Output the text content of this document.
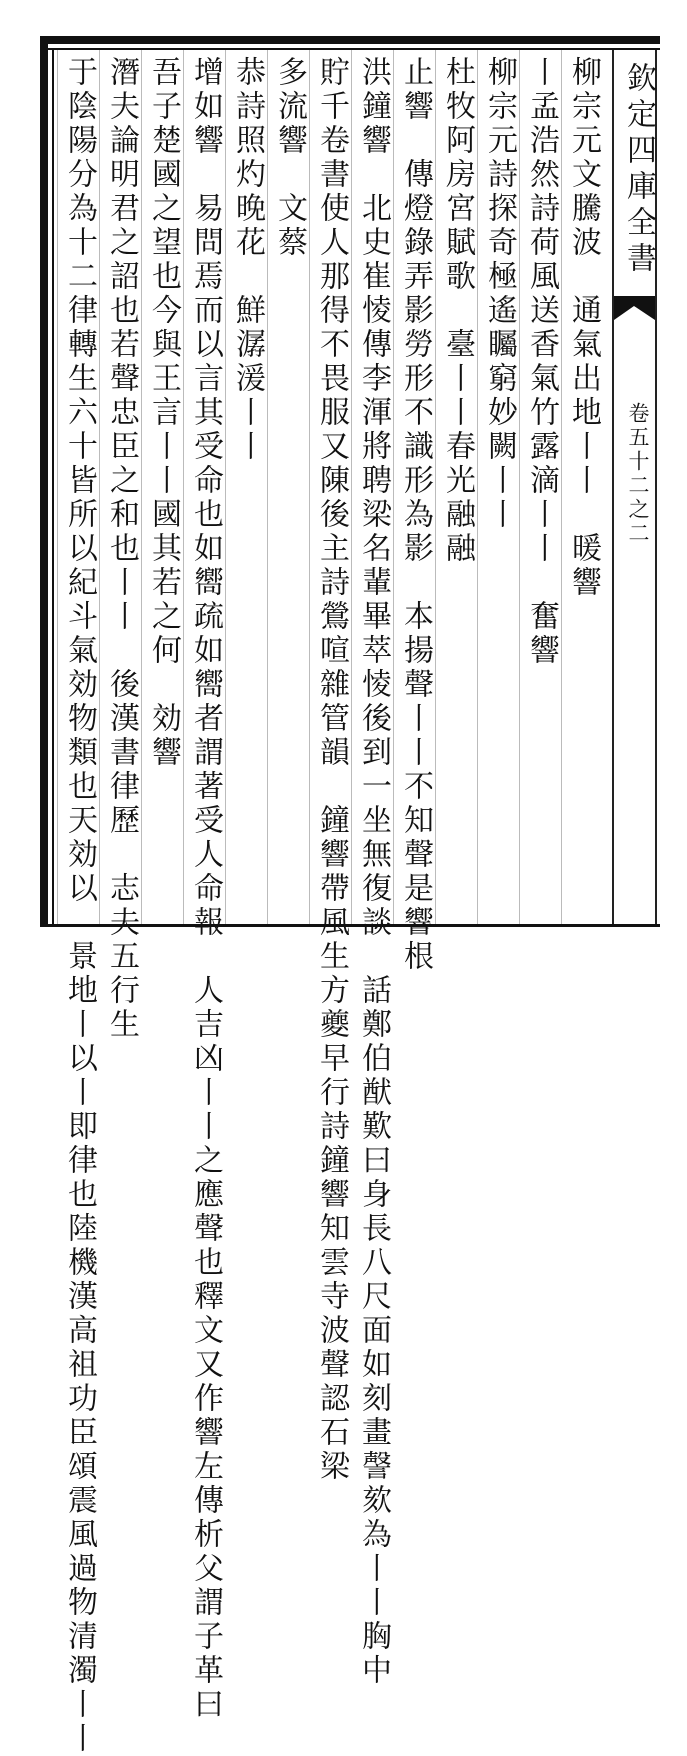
欽定四庫全書
卷五十二之二
柳宗元文騰波　通氣出地丨丨　暖響
丨孟浩然詩荷風送香氣竹露滴丨丨　奮響
柳宗元詩探奇極遙矚窮妙闕丨丨
杜牧阿房宮賦歌　臺丨丨春光融融
止響　傳燈錄弄影勞形不識形為影　本揚聲丨丨不知聲是響根
洪鐘響　北史崔㥄傳李渾將聘梁名輩畢萃㥄後到一坐無復談　話鄭伯猷歎曰身長八尺面如刻畫謦欬為丨丨胸中
貯千卷書使人那得不畏服又陳後主詩鶯喧雜管韻　鐘響帶風生方夔早行詩鐘響知雲寺波聲認石梁
多流響　文蔡
恭詩照灼晚花　鮮潺湲丨丨
增如響　易問焉而以言其受命也如嚮疏如嚮者謂著受人命報　人吉凶丨丨之應聲也釋文又作響左傳析父謂子革曰
吾子楚國之望也今與王言丨丨國其若之何　効響
潛夫論明君之詔也若聲忠臣之和也丨丨　後漢書律歷　志夫五行生
于陰陽分為十二律轉生六十皆所以紀斗氣効物類也天効以　景地丨以丨即律也陸機漢高祖功臣頌震風過物清濁丨丨
